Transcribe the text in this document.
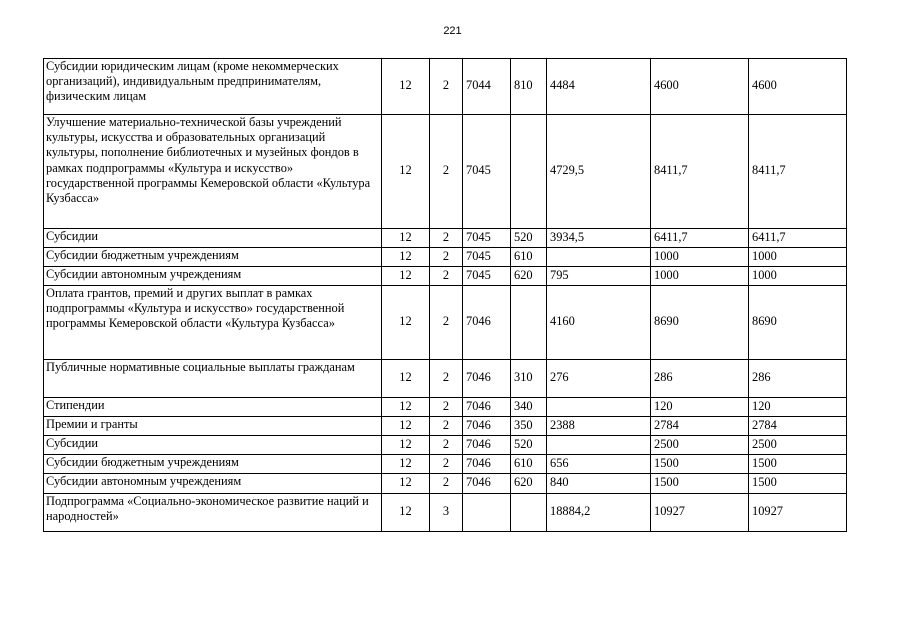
221
Субсидии юридическим лицам (кроме некоммерческих организаций), индивидуальным предпринимателям, физическим лицам	12	2	7044	810	4484	4600	4600
Улучшение материально-технической базы учреждений культуры, искусства и образовательных организаций культуры, пополнение библиотечных и музейных фондов в рамках подпрограммы «Культура и искусство» государственной программы Кемеровской области «Культура Кузбасса»	12	2	7045		4729,5	8411,7	8411,7
Субсидии	12	2	7045	520	3934,5	6411,7	6411,7
Субсидии бюджетным учреждениям	12	2	7045	610		1000	1000
Субсидии автономным учреждениям	12	2	7045	620	795	1000	1000
Оплата грантов, премий и других выплат в рамках подпрограммы «Культура и искусство» государственной программы Кемеровской области «Культура Кузбасса»	12	2	7046		4160	8690	8690
Публичные нормативные социальные выплаты гражданам	12	2	7046	310	276	286	286
Стипендии	12	2	7046	340		120	120
Премии и гранты	12	2	7046	350	2388	2784	2784
Субсидии	12	2	7046	520		2500	2500
Субсидии бюджетным учреждениям	12	2	7046	610	656	1500	1500
Субсидии автономным учреждениям	12	2	7046	620	840	1500	1500
Подпрограмма «Социально-экономическое развитие наций и народностей»	12	3			18884,2	10927	10927
